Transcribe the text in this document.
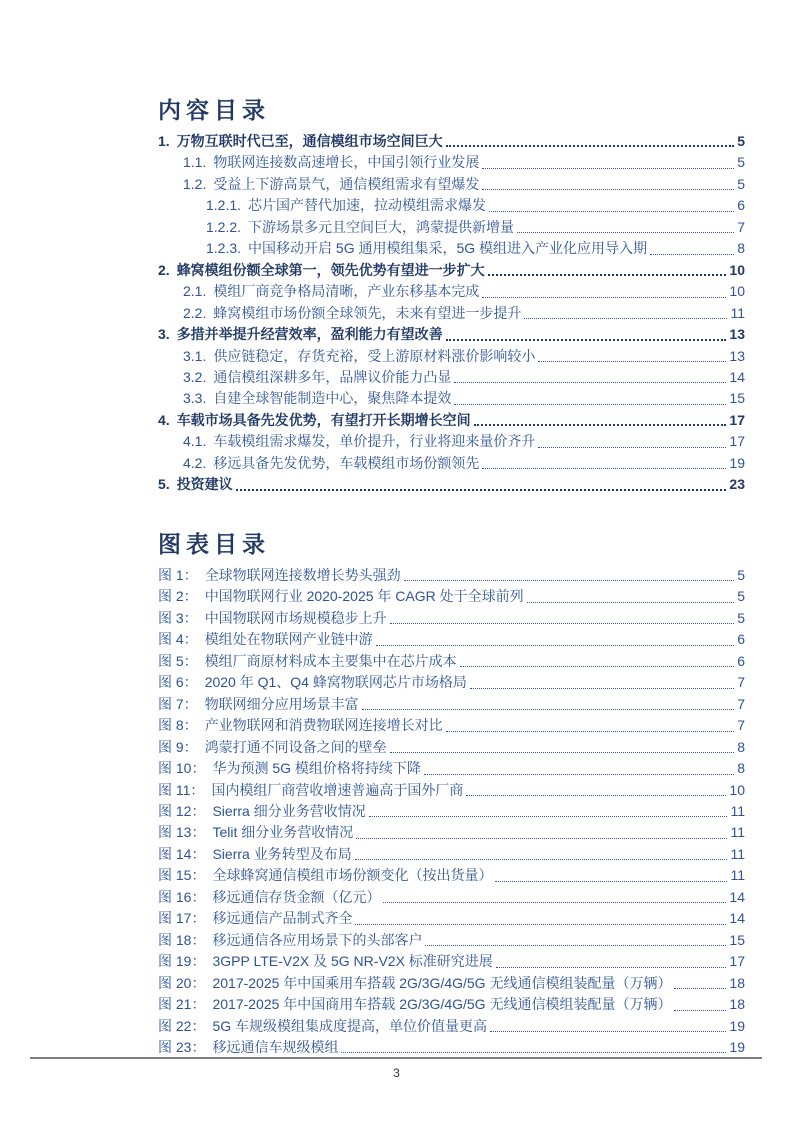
内容目录
1. 万物互联时代已至，通信模组市场空间巨大	5
1.1. 物联网连接数高速增长，中国引领行业发展	5
1.2. 受益上下游高景气，通信模组需求有望爆发	5
1.2.1. 芯片国产替代加速，拉动模组需求爆发	6
1.2.2. 下游场景多元且空间巨大，鸿蒙提供新增量	7
1.2.3. 中国移动开启 5G 通用模组集采，5G 模组进入产业化应用导入期	8
2. 蜂窝模组份额全球第一，领先优势有望进一步扩大	10
2.1. 模组厂商竞争格局清晰，产业东移基本完成	10
2.2. 蜂窝模组市场份额全球领先，未来有望进一步提升	11
3. 多措并举提升经营效率，盈利能力有望改善	13
3.1. 供应链稳定，存货充裕，受上游原材料涨价影响较小	13
3.2. 通信模组深耕多年，品牌议价能力凸显	14
3.3. 自建全球智能制造中心，聚焦降本提效	15
4. 车载市场具备先发优势，有望打开长期增长空间	17
4.1. 车载模组需求爆发，单价提升，行业将迎来量价齐升	17
4.2. 移远具备先发优势，车载模组市场份额领先	19
5. 投资建议	23
图表目录
图 1： 全球物联网连接数增长势头强劲	5
图 2： 中国物联网行业 2020-2025 年 CAGR 处于全球前列	5
图 3： 中国物联网市场规模稳步上升	5
图 4： 模组处在物联网产业链中游	6
图 5： 模组厂商原材料成本主要集中在芯片成本	6
图 6： 2020 年 Q1、Q4 蜂窝物联网芯片市场格局	7
图 7： 物联网细分应用场景丰富	7
图 8： 产业物联网和消费物联网连接增长对比	7
图 9： 鸿蒙打通不同设备之间的壁垒	8
图 10： 华为预测 5G 模组价格将持续下降	8
图 11： 国内模组厂商营收增速普遍高于国外厂商	10
图 12： Sierra 细分业务营收情况	11
图 13： Telit 细分业务营收情况	11
图 14： Sierra 业务转型及布局	11
图 15： 全球蜂窝通信模组市场份额变化（按出货量）	11
图 16： 移远通信存货金额（亿元）	14
图 17： 移远通信产品制式齐全	14
图 18： 移远通信各应用场景下的头部客户	15
图 19： 3GPP LTE-V2X 及 5G NR-V2X 标准研究进展	17
图 20： 2017-2025 年中国乘用车搭载 2G/3G/4G/5G 无线通信模组装配量（万辆）	18
图 21： 2017-2025 年中国商用车搭载 2G/3G/4G/5G 无线通信模组装配量（万辆）	18
图 22： 5G 车规级模组集成度提高，单位价值量更高	19
图 23： 移远通信车规级模组	19
3
